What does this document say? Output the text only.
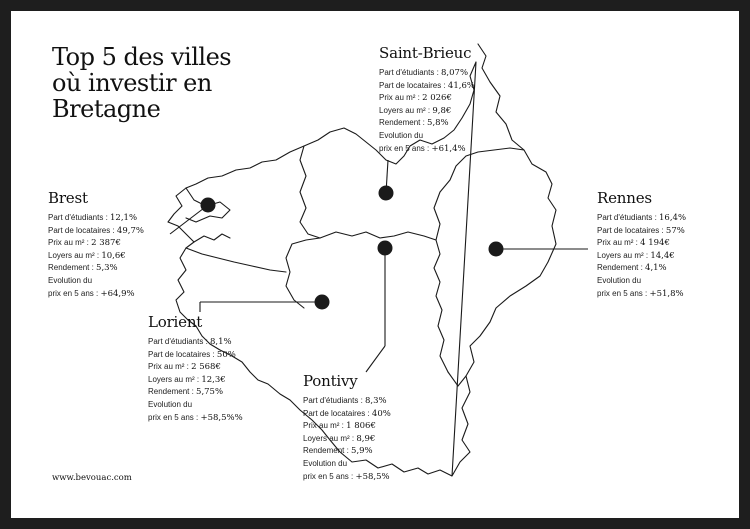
Top 5 des villes
où investir en
Bretagne
Saint-Brieuc
Part d'étudiants : 8,07%
Part de locataires : 41,6%
Prix au m² : 2 026€
Loyers au m² : 9,8€
Rendement : 5,8%
Evolution du
prix en 5 ans : +61,4%
Brest
Part d'étudiants : 12,1%
Part de locataires : 49,7%
Prix au m² : 2 387€
Loyers au m² : 10,6€
Rendement : 5,3%
Evolution du
prix en 5 ans : +64,9%
Rennes
Part d'étudiants : 16,4%
Part de locataires : 57%
Prix au m² : 4 194€
Loyers au m² : 14,4€
Rendement : 4,1%
Evolution du
prix en 5 ans : +51,8%
Lorient
Part d'étudiants : 8,1%
Part de locataires : 50%
Prix au m² : 2 568€
Loyers au m² : 12,3€
Rendement : 5,75%
Evolution du
prix en 5 ans : +58,5%%
Pontivy
Part d'étudiants : 8,3%
Part de locataires : 40%
Prix au m² : 1 806€
Loyers au m² : 8,9€
Rendement : 5,9%
Evolution du
prix en 5 ans : +58,5%
www.bevouac.com
